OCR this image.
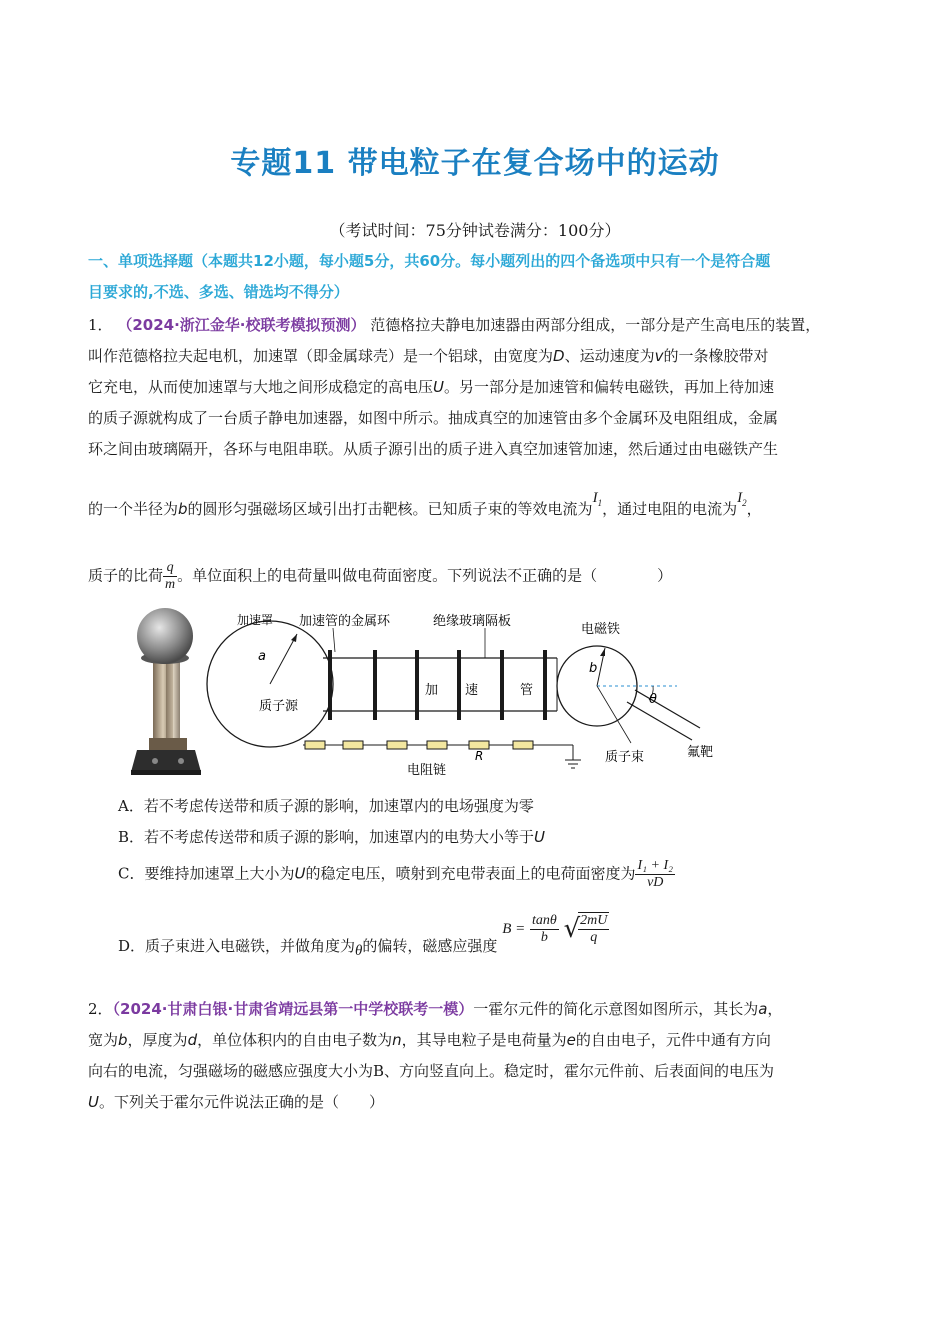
专题11 带电粒子在复合场中的运动
（考试时间：75分钟试卷满分：100分）
一、单项选择题（本题共12小题，每小题5分，共60分。每小题列出的四个备选项中只有一个是符合题
目要求的,不选、多选、错选均不得分）
1． （2024·浙江金华·校联考模拟预测） 范德格拉夫静电加速器由两部分组成，一部分是产生高电压的装置，
叫作范德格拉夫起电机，加速罩（即金属球壳）是一个铝球，由宽度为D、运动速度为v的一条橡胶带对
它充电，从而使加速罩与大地之间形成稳定的高电压U。另一部分是加速管和偏转电磁铁，再加上待加速
的质子源就构成了一台质子静电加速器，如图中所示。抽成真空的加速管由多个金属环及电阻组成，金属
环之间由玻璃隔开，各环与电阻串联。从质子源引出的质子进入真空加速管加速，然后通过由电磁铁产生
的一个半径为b的圆形匀强磁场区域引出打击靶核。已知质子束的等效电流为$I_1$，通过电阻的电流为$I_2$，
质子的比荷 $\frac{q}{m}$ 。单位面积上的电荷量叫做电荷面密度。下列说法不正确的是（　　　　）
加速罩
a
质子源
加速管的金属环	绝缘玻璃隔板
加 速	管
R
电阻链
电磁铁
b
θ
质子束	氟靶
A．若不考虑传送带和质子源的影响，加速罩内的电场强度为零
B．若不考虑传送带和质子源的影响，加速罩内的电势大小等于U
C．要维持加速罩上大小为U的稳定电压，喷射到充电带表面上的电荷面密度为 $\frac{\text{I₁ + I₂}}{vD}$
D．质子束进入电磁铁，并做角度为θ的偏转，磁感应强度 $B = \frac{\tan\theta}{b}$ √
$\frac{2mU}{q}$
2．（2024·甘肃白银·甘肃省靖远县第一中学校联考一模）一霍尔元件的简化示意图如图所示，其长为a，
宽为b，厚度为d，单位体积内的自由电子数为n，其导电粒子是电荷量为e的自由电子，元件中通有方向
向右的电流，匀强磁场的磁感应强度大小为B、方向竖直向上。稳定时，霍尔元件前、后表面间的电压为
U。下列关于霍尔元件说法正确的是（　　）
